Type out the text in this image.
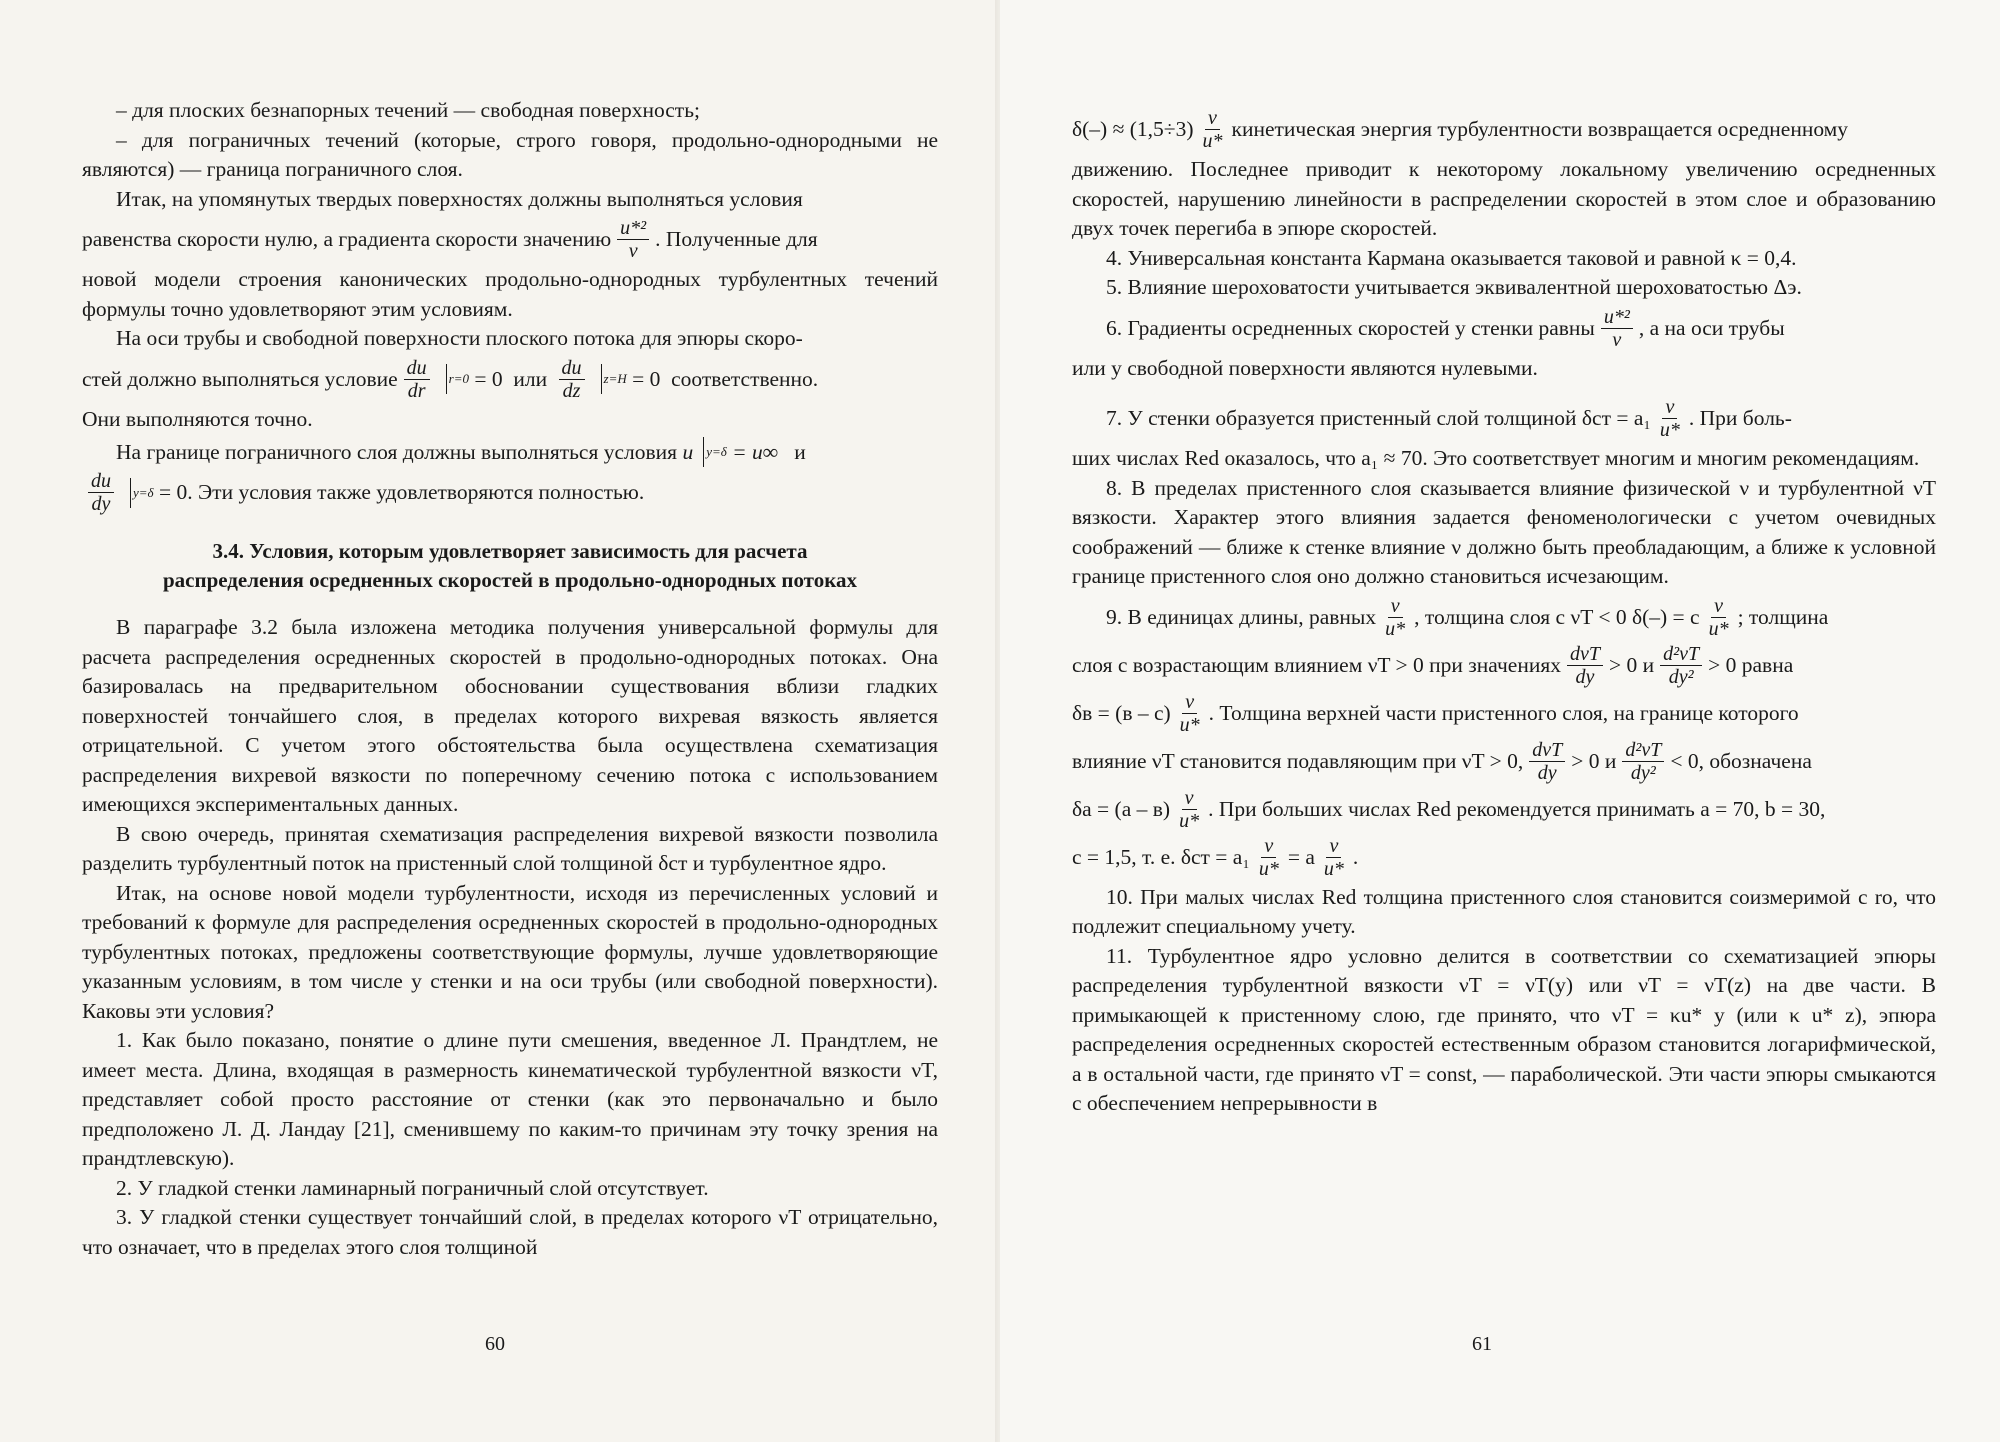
– для плоских безнапорных течений — свободная поверхность;

– для пограничных течений (которые, строго говоря, продольно-однородными не являются) — граница пограничного слоя.

Итак, на упомянутых твердых поверхностях должны выполняться условия

равенства скорости нулю, а градиента скорости значению $\frac{\text{u*²}}{\nu}$ . Полученные для

новой модели строения канонических продольно-однородных турбулентных течений формулы точно удовлетворяют этим условиям.

На оси трубы и свободной поверхности плоского потока для эпюры скоро-

стей должно выполняться условие $\frac{du}{dr} r=0$
= 0
или
$\frac{du}{dz} z=H$
= 0
соответственно.

Они выполняются точно.

На границе пограничного слоя должны выполняться условия
u y=δ
= u∞
и
$\frac{du}{dy} y=\delta$
= 0 . Эти условия также удовлетворяются полностью.
3.4. Условия, которым удовлетворяет зависимость для расчета
распределения осредненных скоростей в продольно-однородных потоках

В параграфе 3.2 была изложена методика получения универсальной формулы для расчета распределения осредненных скоростей в продольно-однородных потоках. Она базировалась на предварительном обосновании существования вблизи гладких поверхностей тончайшего слоя, в пределах которого вихревая вязкость является отрицательной. С учетом этого обстоятельства была осуществлена схематизация распределения вихревой вязкости по поперечному сечению потока с использованием имеющихся экспериментальных данных.

В свою очередь, принятая схематизация распределения вихревой вязкости позволила разделить турбулентный поток на пристенный слой толщиной δст и турбулентное ядро.

Итак, на основе новой модели турбулентности, исходя из перечисленных условий и требований к формуле для распределения осредненных скоростей в продольно-однородных турбулентных потоках, предложены соответствующие формулы, лучше удовлетворяющие указанным условиям, в том числе у стенки и на оси трубы (или свободной поверхности). Каковы эти условия?

1. Как было показано, понятие о длине пути смешения, введенное Л. Прандтлем, не имеет места. Длина, входящая в размерность кинематической турбулентной вязкости νT, представляет собой просто расстояние от стенки (как это первоначально и было предположено Л. Д. Ландау [21], сменившему по каким-то причинам эту точку зрения на прандтлевскую).

2. У гладкой стенки ламинарный пограничный слой отсутствует.

3. У гладкой стенки существует тончайший слой, в пределах которого νT отрицательно, что означает, что в пределах этого слоя толщиной

60
$\delta(-) \approx (1,5\div 3) \frac{\nu}{u*}$ кинетическая энергия турбулентности возвращается осредненному

движению. Последнее приводит к некоторому локальному увеличению осредненных скоростей, нарушению линейности в распределении скоростей в этом слое и образованию двух точек перегиба в эпюре скоростей.

4. Универсальная константа Кармана оказывается таковой и равной κ = 0,4.

5. Влияние шероховатости учитывается эквивалентной шероховатостью Δэ.

6. Градиенты осредненных скоростей у стенки равны $\frac{\text{u*²}}{\nu}$ , а на оси трубы

или у свободной поверхности являются нулевыми.

7. У стенки образуется пристенный слой толщиной $\delta ст = a_1 \frac{\nu}{u*}$ . При боль-

ших числах Red оказалось, что a₁ ≈ 70. Это соответствует многим и многим рекомендациям.

8. В пределах пристенного слоя сказывается влияние физической ν и турбулентной νT вязкости. Характер этого влияния задается феноменологически с учетом очевидных соображений — ближе к стенке влияние ν должно быть преобладающим, а ближе к условной границе пристенного слоя оно должно становиться исчезающим.

9. В единицах длины, равных $\frac{\nu}{u*}$ , толщина слоя с νT < 0 δ(–) = c $\frac{\nu}{u*}$ ; толщина
слоя с возрастающим влиянием νT > 0 при значениях $\frac{\text{dνT}}{dy} > 0$ и $\frac{\text{d²νT}}{\text{dy²}} > 0$ равна
$\delta в = (в - c) \frac{\nu}{u*}$ . Толщина верхней части пристенного слоя, на границе которого
влияние νT становится подавляющим при νT > 0, $\frac{\text{dνT}}{dy} > 0$ и $\frac{\text{d²νT}}{\text{dy²}} < 0$, обозначена
$\delta a = (a - в) \frac{\nu}{u*}$ . При больших числах Red рекомендуется принимать a = 70, b = 30,
c = 1,5, т. е. $\delta ст = a_1 \frac{\nu}{u*} = a \frac{\nu}{u*}$ .

10. При малых числах Red толщина пристенного слоя становится соизмеримой с ro, что подлежит специальному учету.

11. Турбулентное ядро условно делится в соответствии со схематизацией эпюры распределения турбулентной вязкости νT = νT(y) или νT = νT(z) на две части. В примыкающей к пристенному слою, где принято, что νT = κu* y (или κ u* z), эпюра распределения осредненных скоростей естественным образом становится логарифмической, а в остальной части, где принято νT = const, — параболической. Эти части эпюры смыкаются с обеспечением непрерывности в

61
